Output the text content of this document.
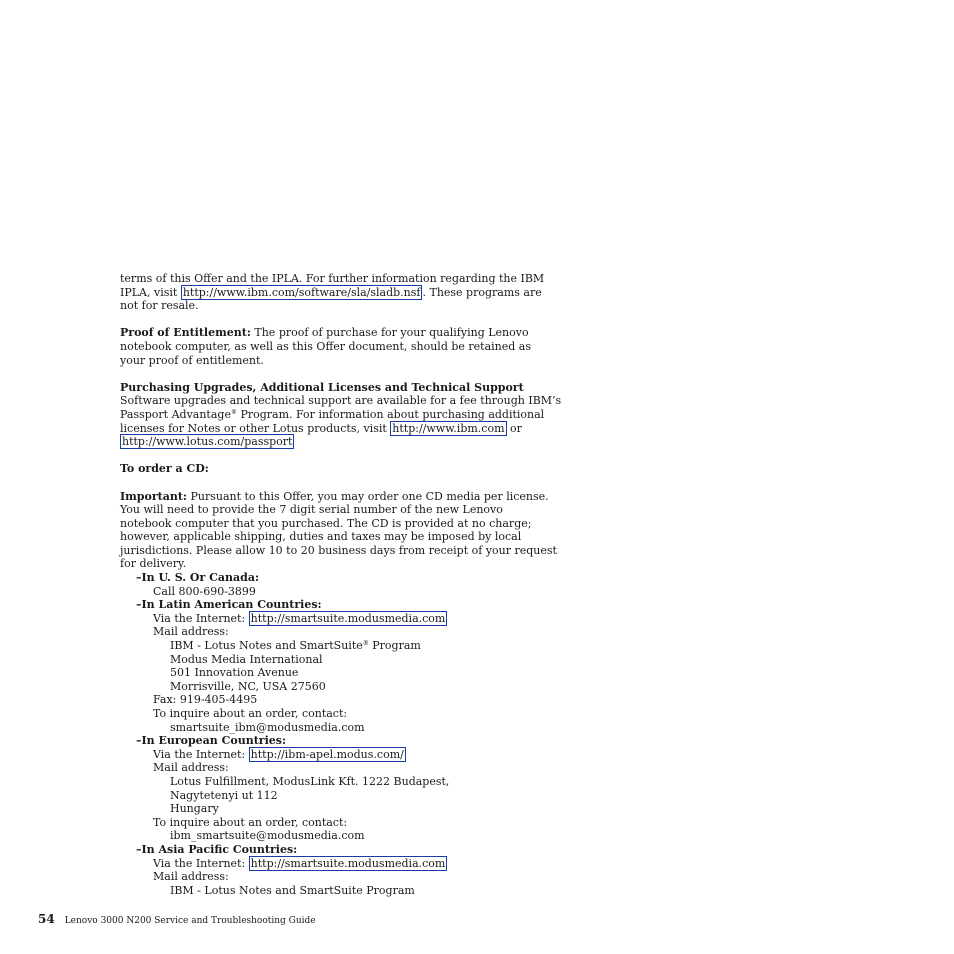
terms of this Offer and the IPLA. For further information regarding the IBM
IPLA, visit http://www.ibm.com/software/sla/sladb.nsf . These programs are
not for resale.
Proof of Entitlement: The proof of purchase for your qualifying Lenovo
notebook computer, as well as this Offer document, should be retained as
your proof of entitlement.
Purchasing Upgrades, Additional Licenses and Technical Support
Software upgrades and technical support are available for a fee through IBM’s
Passport Advantage® Program. For information about purchasing additional
licenses for Notes or other Lotus products, visit http://www.ibm.com or
http://www.lotus.com/passport
To order a CD:
Important: Pursuant to this Offer, you may order one CD media per license.
You will need to provide the 7 digit serial number of the new Lenovo
notebook computer that you purchased. The CD is provided at no charge;
however, applicable shipping, duties and taxes may be imposed by local
jurisdictions. Please allow 10 to 20 business days from receipt of your request
for delivery.
–In U. S. Or Canada:
Call 800-690-3899
–In Latin American Countries:
Via the Internet: http://smartsuite.modusmedia.com
Mail address:
IBM - Lotus Notes and SmartSuite® Program
Modus Media International
501 Innovation Avenue
Morrisville, NC, USA 27560
Fax: 919-405-4495
To inquire about an order, contact:
smartsuite_ibm@modusmedia.com
–In European Countries:
Via the Internet: http://ibm-apel.modus.com/
Mail address:
Lotus Fulfillment, ModusLink Kft. 1222 Budapest,
Nagytetenyi ut 112
Hungary
To inquire about an order, contact:
ibm_smartsuite@modusmedia.com
–In Asia Pacific Countries:
Via the Internet: http://smartsuite.modusmedia.com
Mail address:
IBM - Lotus Notes and SmartSuite Program
54 Lenovo 3000 N200 Service and Troubleshooting Guide
